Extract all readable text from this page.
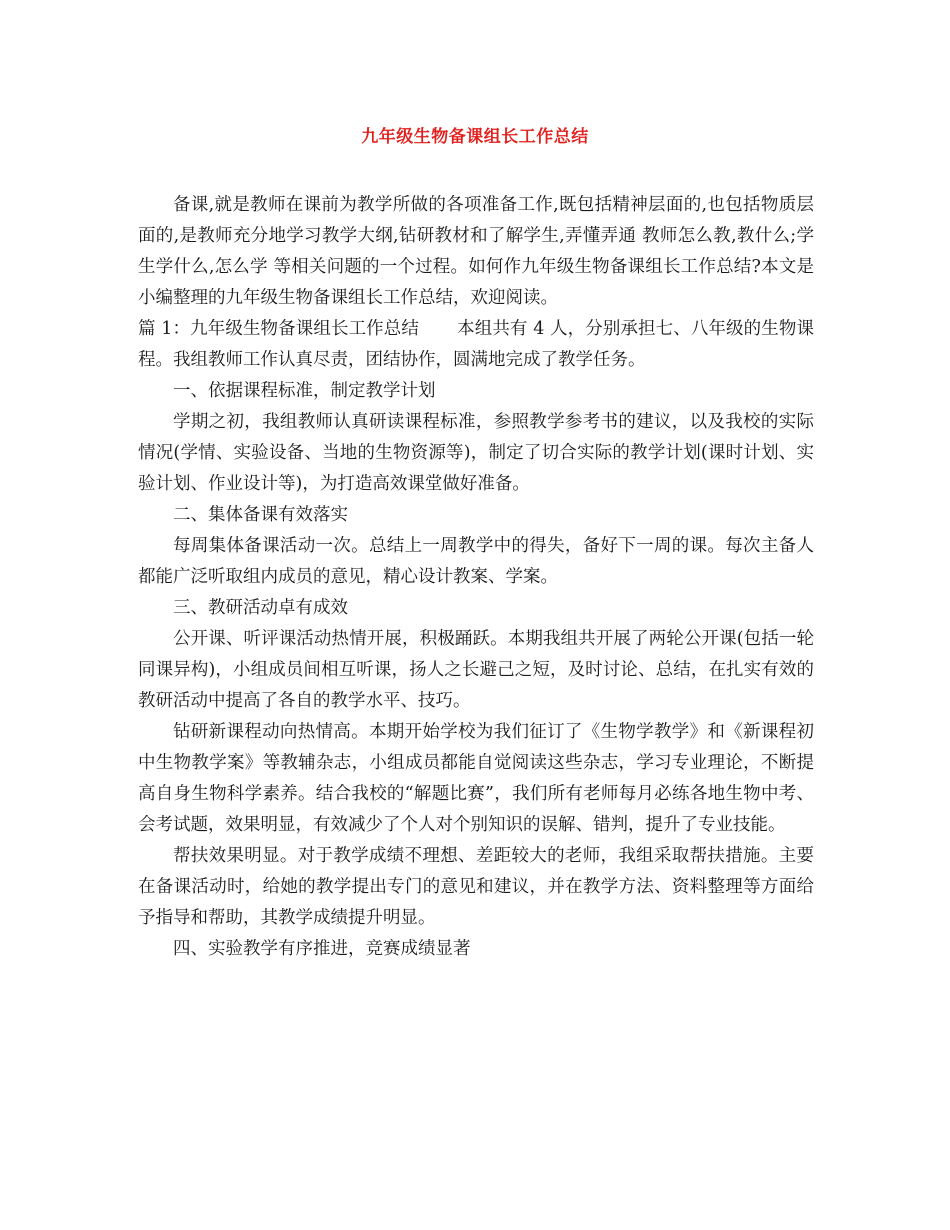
九年级生物备课组长工作总结

备课,就是教师在课前为教学所做的各项准备工作,既包括精神层面的,也包括物质层面的,是教师充分地学习教学大纲,钻研教材和了解学生,弄懂弄通 教师怎么教,教什么;学生学什么,怎么学 等相关问题的一个过程。如何作九年级生物备课组长工作总结?本文是小编整理的九年级生物备课组长工作总结，欢迎阅读。

篇 1：九年级生物备课组长工作总结 本组共有 4 人，分别承担七、八年级的生物课程。我组教师工作认真尽责，团结协作，圆满地完成了教学任务。

一、依据课程标准，制定教学计划

学期之初，我组教师认真研读课程标准，参照教学参考书的建议，以及我校的实际情况(学情、实验设备、当地的生物资源等)，制定了切合实际的教学计划(课时计划、实验计划、作业设计等)，为打造高效课堂做好准备。

二、集体备课有效落实

每周集体备课活动一次。总结上一周教学中的得失，备好下一周的课。每次主备人都能广泛听取组内成员的意见，精心设计教案、学案。

三、教研活动卓有成效

公开课、听评课活动热情开展，积极踊跃。本期我组共开展了两轮公开课(包括一轮同课异构)，小组成员间相互听课，扬人之长避己之短，及时讨论、总结，在扎实有效的教研活动中提高了各自的教学水平、技巧。

钻研新课程动向热情高。本期开始学校为我们征订了《生物学教学》和《新课程初中生物教学案》等教辅杂志，小组成员都能自觉阅读这些杂志，学习专业理论，不断提高自身生物科学素养。结合我校的“解题比赛”，我们所有老师每月必练各地生物中考、会考试题，效果明显，有效减少了个人对个别知识的误解、错判，提升了专业技能。

帮扶效果明显。对于教学成绩不理想、差距较大的老师，我组采取帮扶措施。主要在备课活动时，给她的教学提出专门的意见和建议，并在教学方法、资料整理等方面给予指导和帮助，其教学成绩提升明显。

四、实验教学有序推进，竞赛成绩显著
